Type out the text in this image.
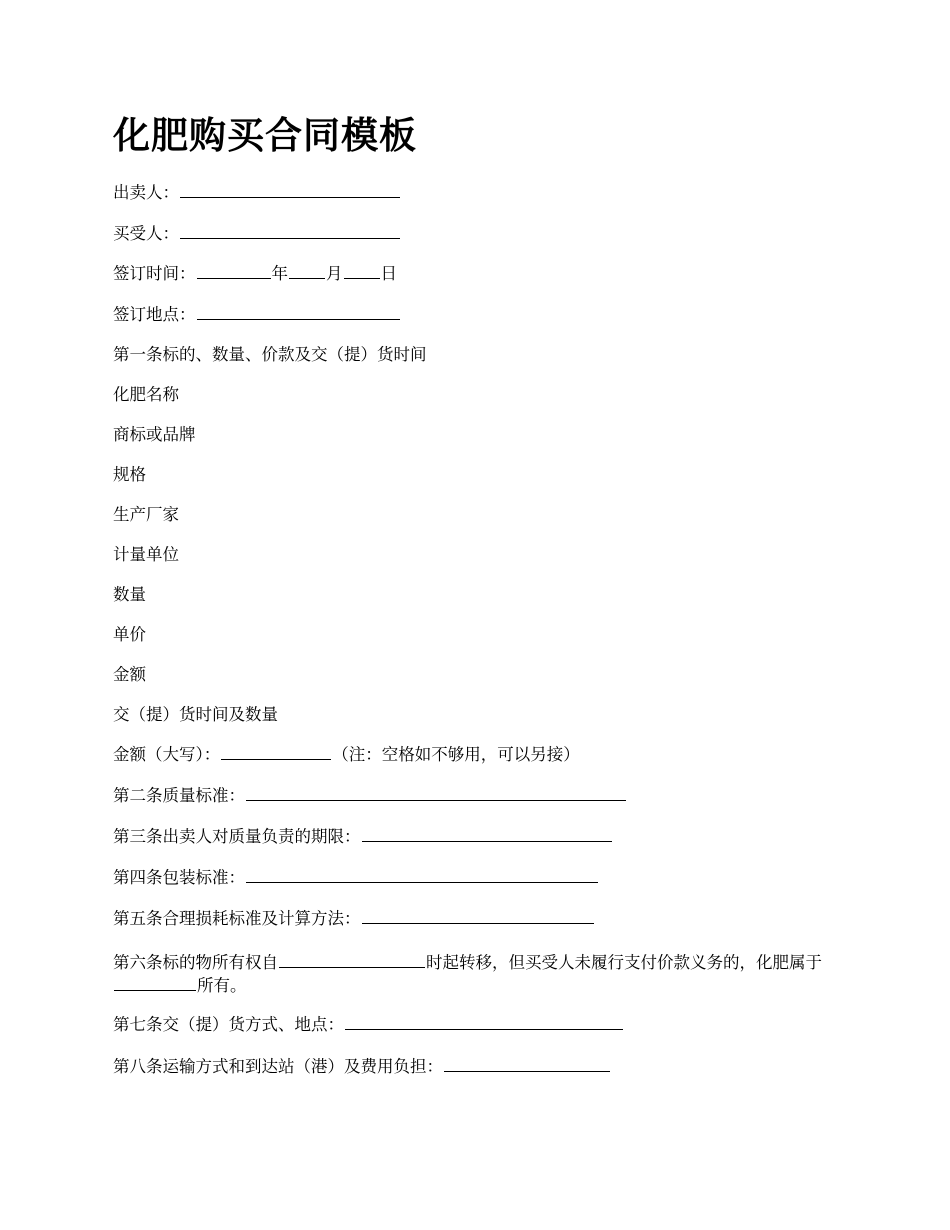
化肥购买合同模板
出卖人：
买受人：
签订时间：	年 月 日
签订地点：
第一条标的、数量、价款及交（提）货时间
化肥名称
商标或品牌
规格
生产厂家
计量单位
数量
单价
金额
交（提）货时间及数量
金额（大写）：	（注：空格如不够用，可以另接）
第二条质量标准：
第三条出卖人对质量负责的期限：
第四条包装标准：
第五条合理损耗标准及计算方法：
第六条标的物所有权自	时起转移，但买受人未履行支付价款义务的，化肥属于所有。
第七条交（提）货方式、地点：
第八条运输方式和到达站（港）及费用负担：
